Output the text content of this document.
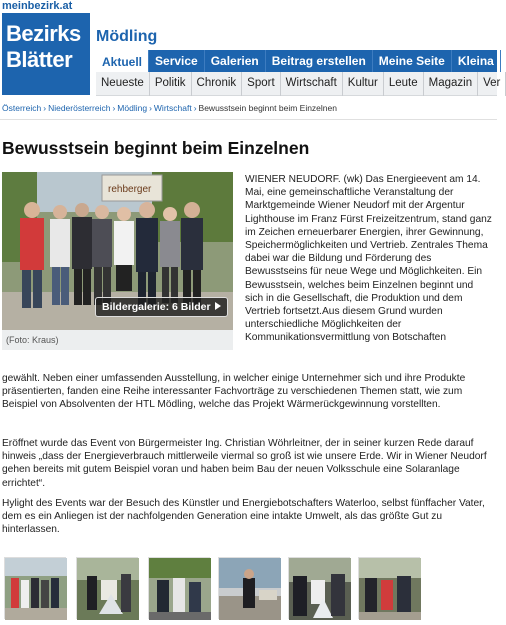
meinbezirk.at
Bezirks
Blätter
Mödling
Aktuell	Service	Galerien	Beitrag erstellen	Meine Seite	Kleina
Neueste Politik Chronik Sport Wirtschaft Kultur Leute Magazin Ver
Österreich › Niederösterreich › Mödling › Wirtschaft › Bewusstsein beginnt beim Einzelnen
Bewusstsein beginnt beim Einzelnen
rehberger
Bildergalerie: 6 Bilder
(Foto: Kraus)

WIENER NEUDORF. (wk) Das Energieevent am 14. Mai, eine gemeinschaftliche Veranstaltung der Marktgemeinde Wiener Neudorf mit der Argentur Lighthouse im Franz Fürst Freizeitzentrum, stand ganz im Zeichen erneuerbarer Energien, ihrer Gewinnung, Speichermöglichkeiten und Vertrieb. Zentrales Thema dabei war die Bildung und Förderung des Bewusstseins für neue Wege und Möglichkeiten. Ein Bewusstsein, welches beim Einzelnen beginnt und sich in die Gesellschaft, die Produktion und dem Vertrieb fortsetzt.Aus diesem Grund wurden unterschiedliche Möglichkeiten der Kommunikationsvermittlung von Botschaften

gewählt. Neben einer umfassenden Ausstellung, in welcher einige Unternehmer sich und ihre Produkte präsentierten, fanden eine Reihe interessanter Fachvorträge zu verschiedenen Themen statt, wie zum Beispiel von Absolventen der HTL Mödling, welche das Projekt Wärmerückgewinnung vorstellten.

Eröffnet wurde das Event von Bürgermeister Ing. Christian Wöhrleitner, der in seiner kurzen Rede darauf hinweis „dass der Energieverbrauch mittlerweile viermal so groß ist wie unsere Erde. Wir in Wiener Neudorf gehen bereits mit gutem Beispiel voran und haben beim Bau der neuen Volksschule eine Solaranlage errichtet“.

Hylight des Events war der Besuch des Künstler und Energiebotschafters Waterloo, selbst fünffacher Vater, dem es ein Anliegen ist der nachfolgenden Generation eine intakte Umwelt, als das größte Gut zu hinterlassen.
